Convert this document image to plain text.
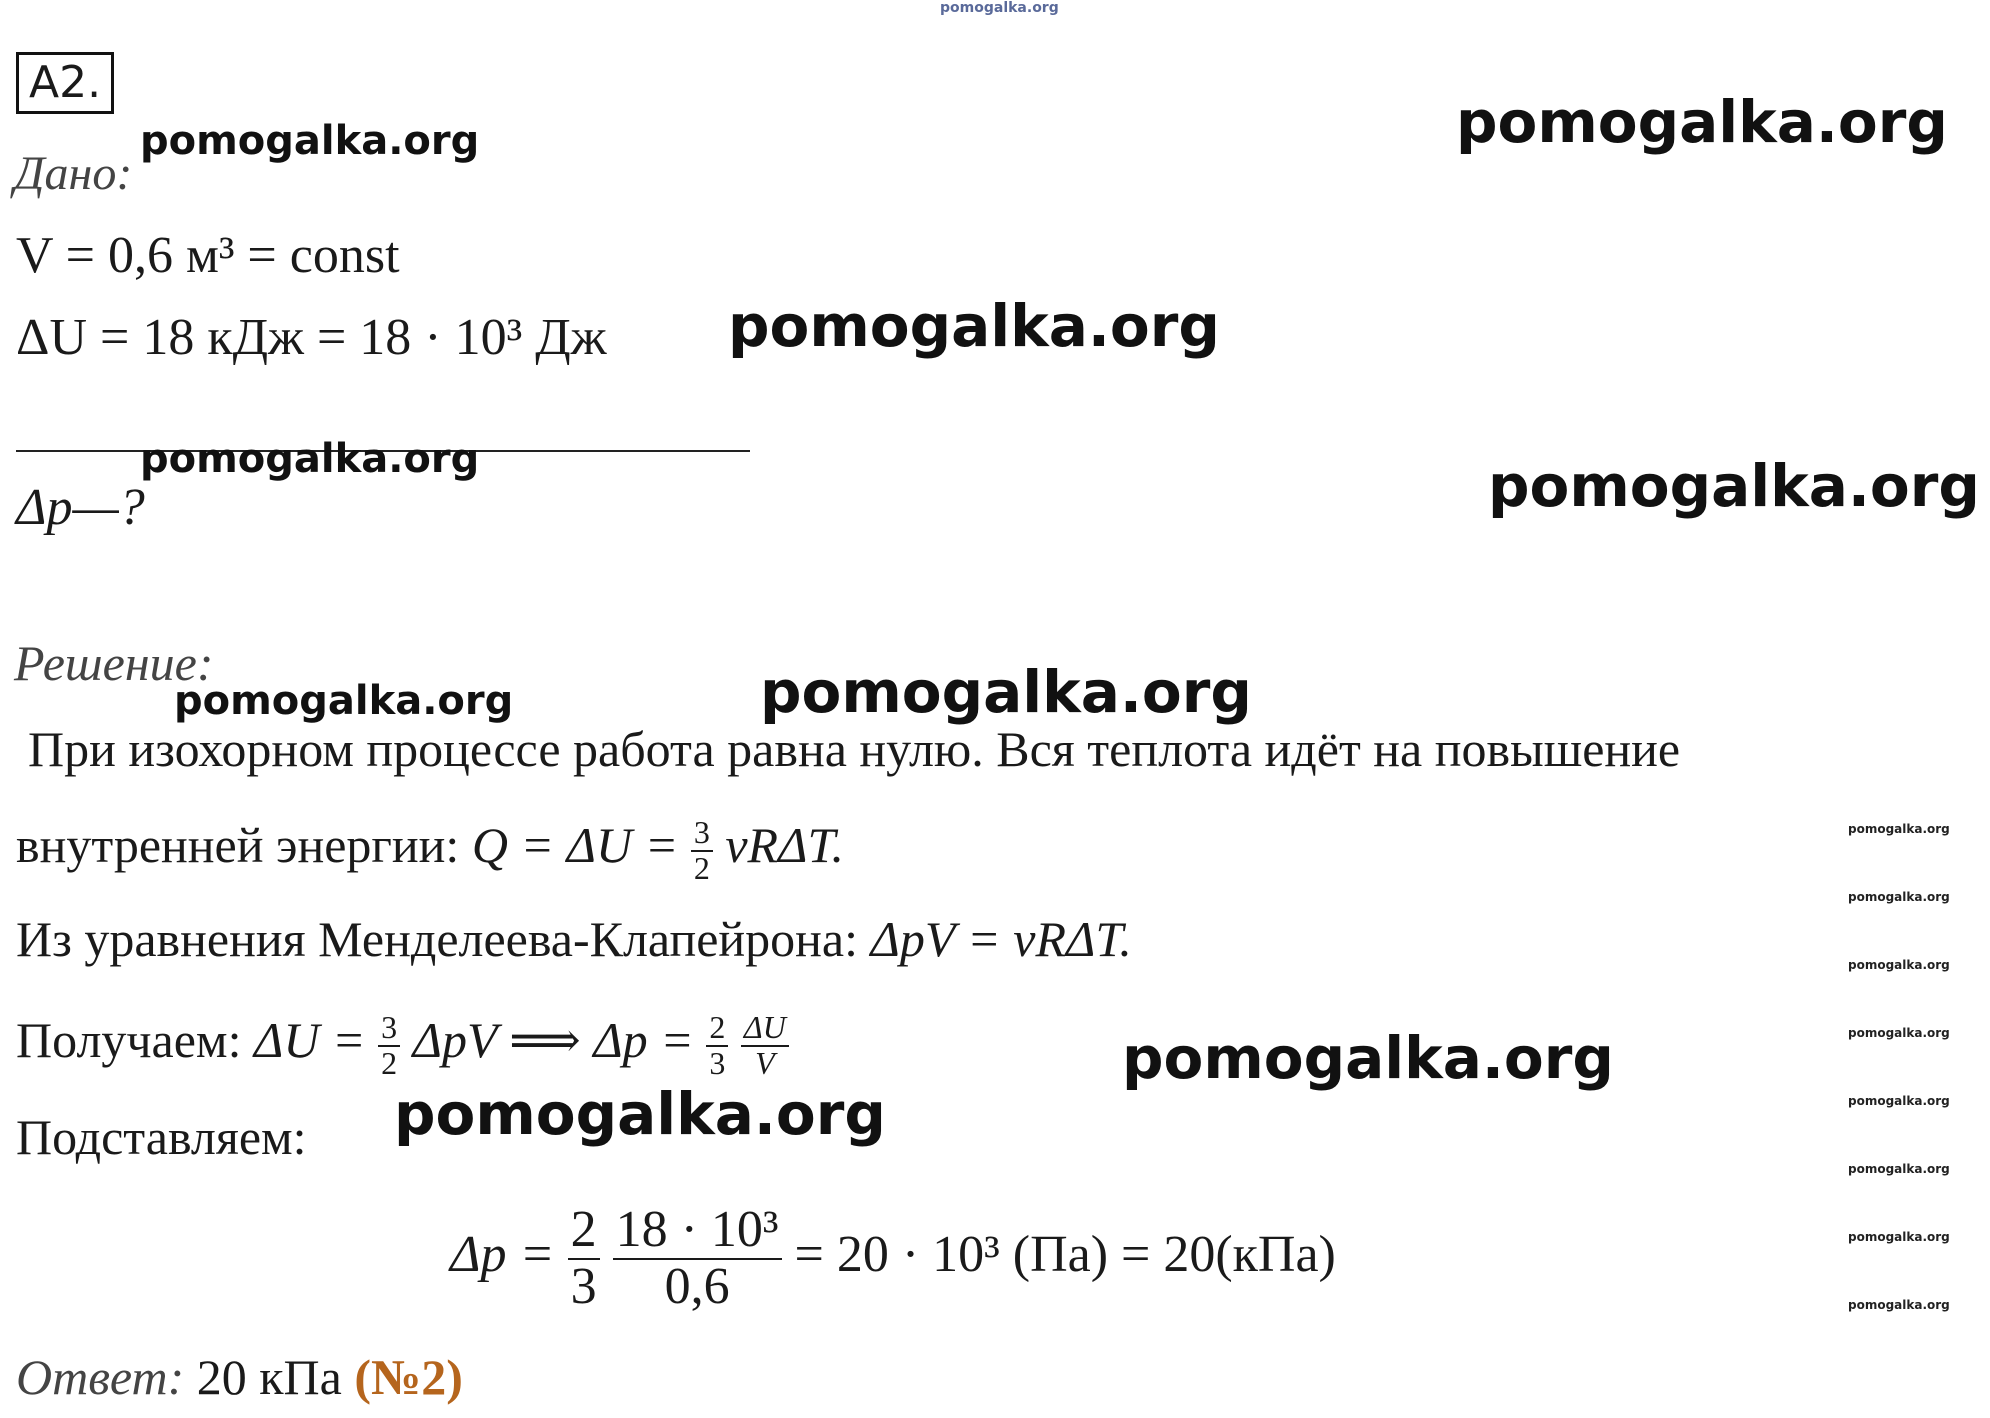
pomogalka.org
A2.
Дано:
V = 0,6 м³ = const
ΔU = 18 кДж = 18 · 10³ Дж
Δp—?
Решение:
При изохорном процессе работа равна нулю. Вся теплота идёт на повышение
внутренней энергии: $Q = \Delta U = \frac{3}{2} \nu R\Delta T$.
Из уравнения Менделеева-Клапейрона: ΔpV = νRΔT.
Получаем: $\Delta U = \frac{3}{2}$ ΔpV ⟹ $\Delta p = \frac{2}{3}$
$\frac{\Delta U}{V}$
Подставляем:
$\Delta p = \frac{2}{3}$
$\frac{\text{18 · 10³}}{0,6} = 20 \cdot 10^3$ (Па) = 20(кПа)
Ответ: 20 кПа (№2)
pomogalka.org
pomogalka.org
pomogalka.org
pomogalka.org	pomogalka.org
pomogalka.org	pomogalka.org
pomogalka.org
pomogalka.org
pomogalka.org
pomogalka.org
pomogalka.org
pomogalka.org
pomogalka.org
pomogalka.org
pomogalka.org
pomogalka.org
